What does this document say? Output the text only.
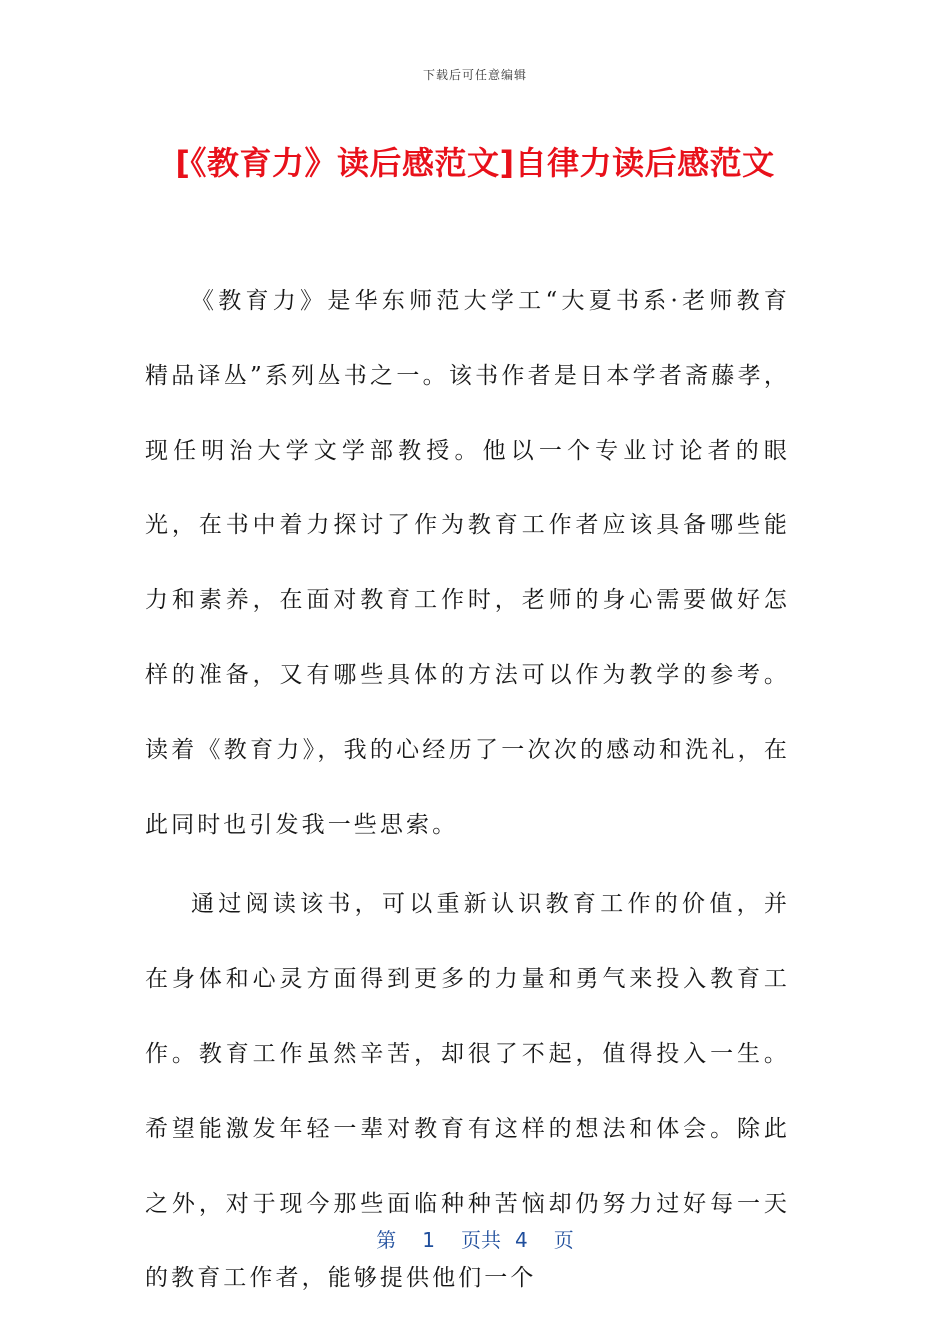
下载后可任意编辑
[《教育力》读后感范文]自律力读后感范文

《教育力》是华东师范大学工“大夏书系·老师教育精品译丛”系列丛书之一。该书作者是日本学者斋藤孝，现任明治大学文学部教授。他以一个专业讨论者的眼光，在书中着力探讨了作为教育工作者应该具备哪些能力和素养，在面对教育工作时，老师的身心需要做好怎样的准备，又有哪些具体的方法可以作为教学的参考。读着《教育力》，我的心经历了一次次的感动和洗礼，在此同时也引发我一些思索。

通过阅读该书，可以重新认识教育工作的价值，并在身体和心灵方面得到更多的力量和勇气来投入教育工作。教育工作虽然辛苦，却很了不起，值得投入一生。希望能激发年轻一辈对教育有这样的想法和体会。除此之外，对于现今那些面临种种苦恼却仍努力过好每一天的教育工作者，能够提供他们一个

第 1 页共 4 页
